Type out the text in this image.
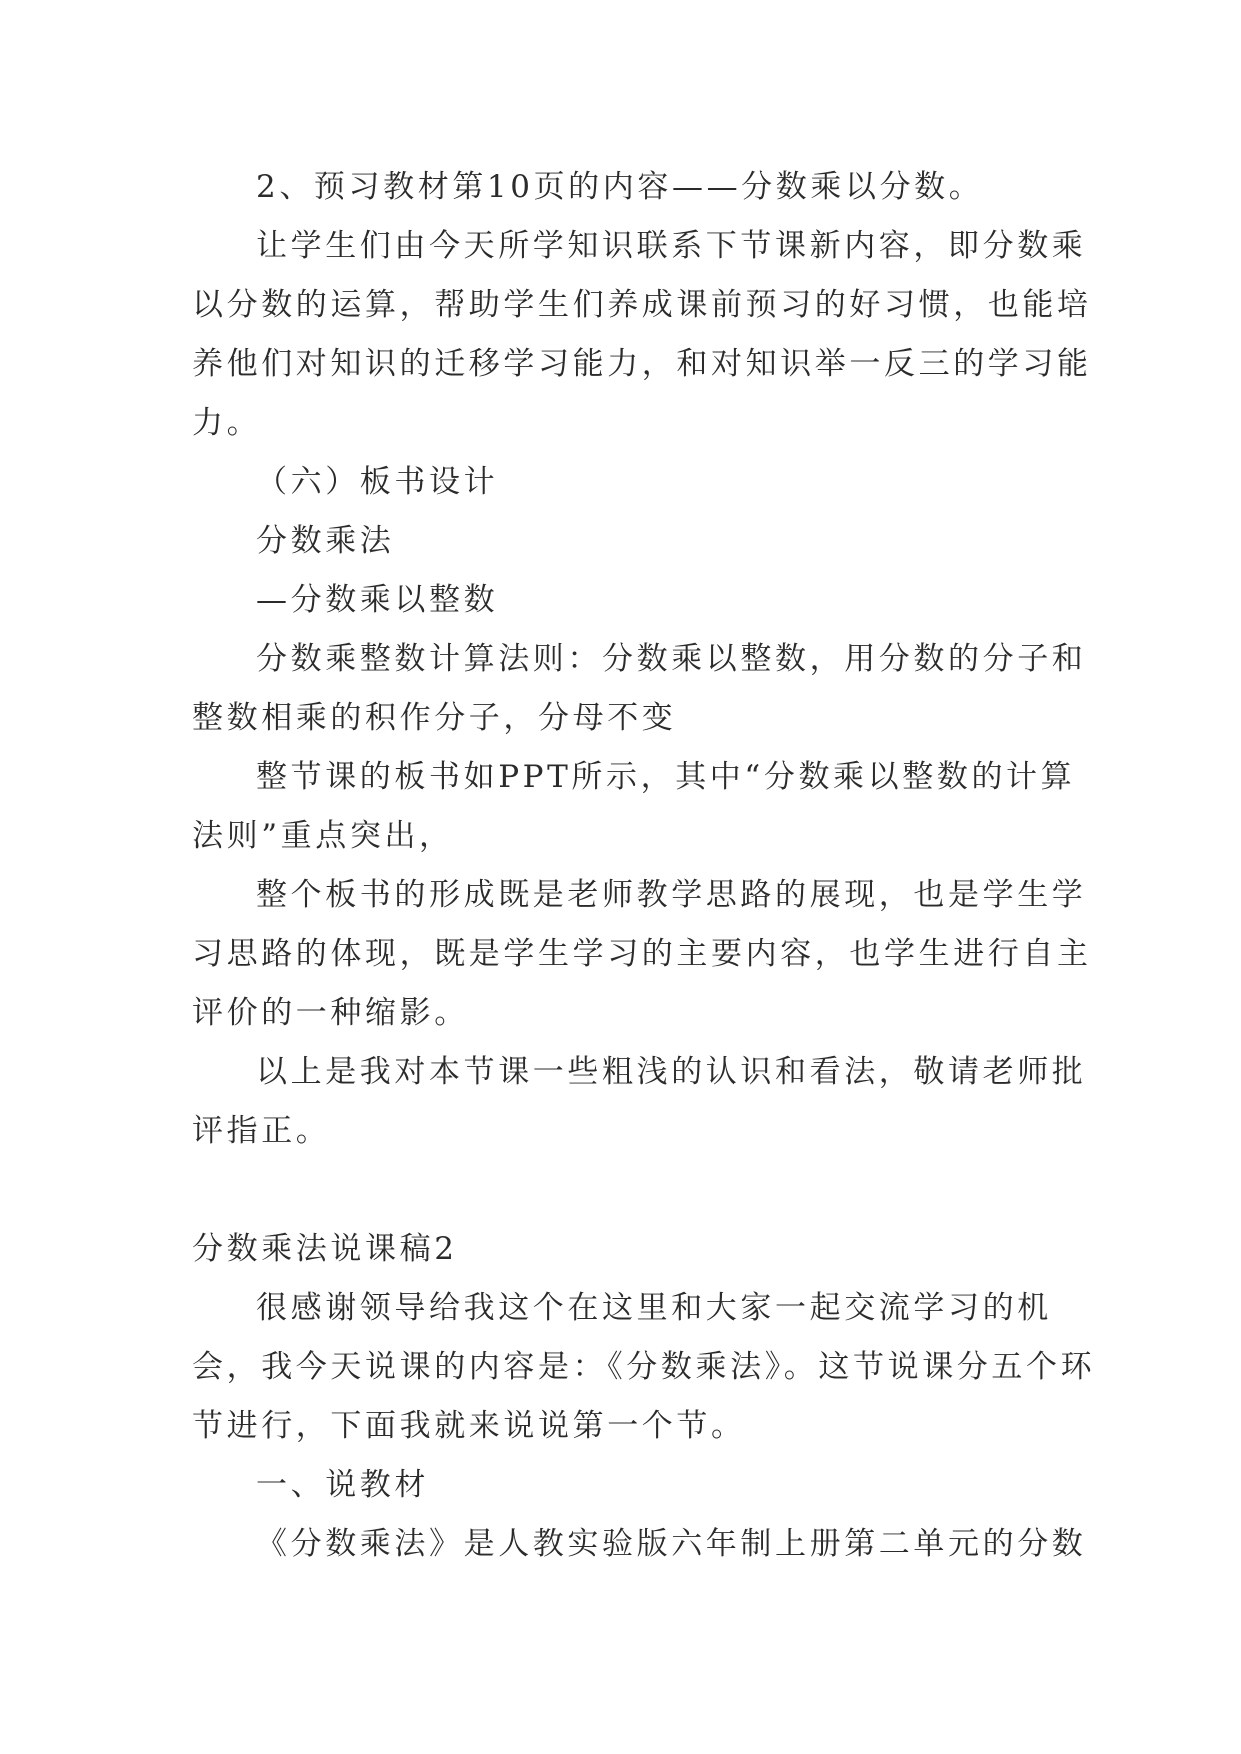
2、预习教材第10页的内容——分数乘以分数。
让学生们由今天所学知识联系下节课新内容，即分数乘
以分数的运算，帮助学生们养成课前预习的好习惯，也能培
养他们对知识的迁移学习能力，和对知识举一反三的学习能
力。
（六）板书设计
分数乘法
—分数乘以整数
分数乘整数计算法则：分数乘以整数，用分数的分子和
整数相乘的积作分子，分母不变
整节课的板书如PPT所示，其中“分数乘以整数的计算
法则”重点突出，
整个板书的形成既是老师教学思路的展现，也是学生学
习思路的体现，既是学生学习的主要内容，也学生进行自主
评价的一种缩影。
以上是我对本节课一些粗浅的认识和看法，敬请老师批
评指正。
分数乘法说课稿2
很感谢领导给我这个在这里和大家一起交流学习的机
会，我今天说课的内容是：《分数乘法》。这节说课分五个环
节进行，下面我就来说说第一个节。
一、说教材
《分数乘法》是人教实验版六年制上册第二单元的分数
